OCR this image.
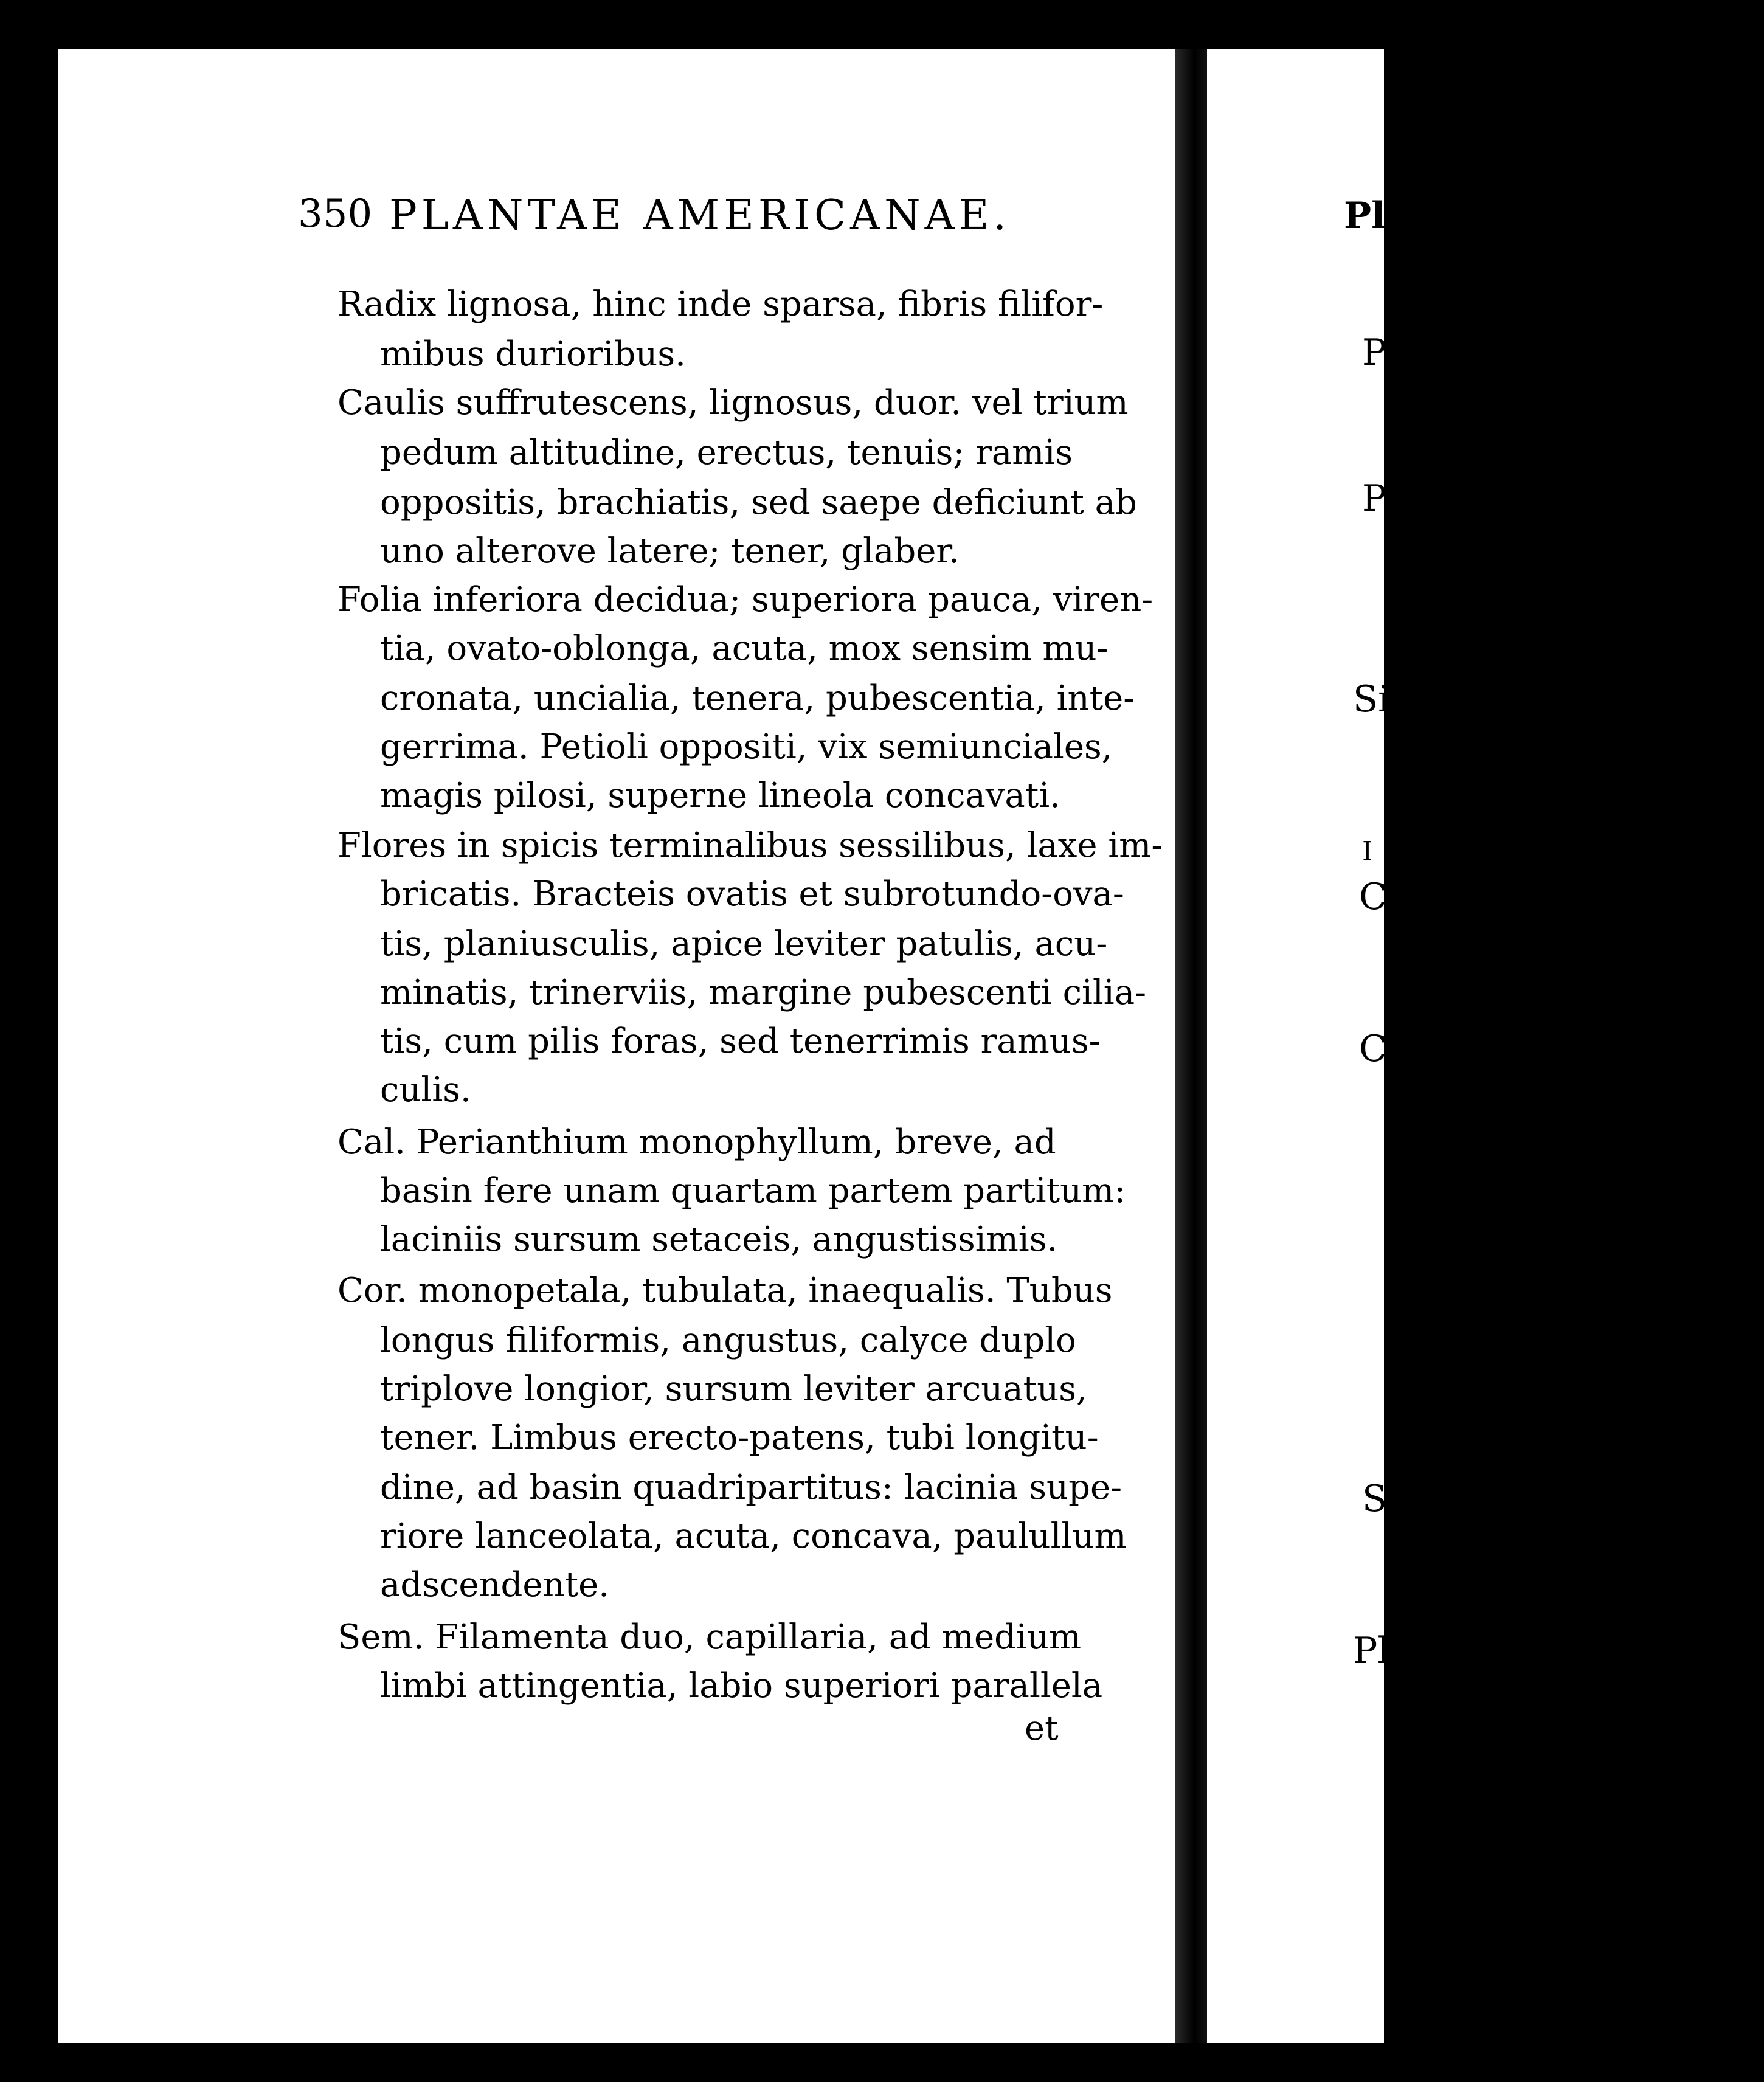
350 PLANTAE AMERICANAE.
Radix lignosa, hinc inde sparsa, fibris filifor-
mibus durioribus.
Caulis suffrutescens, lignosus, duor. vel trium
pedum altitudine, erectus, tenuis; ramis
oppositis, brachiatis, sed saepe deficiunt ab
uno alterove latere; tener, glaber.
Folia inferiora decidua; superiora pauca, viren-
tia, ovato-oblonga, acuta, mox sensim mu-
cronata, uncialia, tenera, pubescentia, inte-
gerrima. Petioli oppositi, vix semiunciales,
magis pilosi, superne lineola concavati.
Flores in spicis terminalibus sessilibus, laxe im-
bricatis. Bracteis ovatis et subrotundo-ova-
tis, planiusculis, apice leviter patulis, acu-
minatis, trinerviis, margine pubescenti ciliа-
tis, cum pilis foras, sed tenerrimis ramus-
culis.
Cal. Perianthium monophyllum, breve, ad
basin fere unam quartam partem partitum:
laciniis sursum setaceis, angustissimis.
Cor. monopetala, tubulata, inaequalis. Tubus
longus filiformis, angustus, calyce duplo
triplove longior, sursum leviter arcuatus,
tener. Limbus erecto-patens, tubi longitu-
dine, ad basin quadripartitus: lacinia supe-
riore lanceolata, acuta, concava, paulullum
adscendente.
Sem. Filamenta duo, capillaria, ad medium
limbi attingentia, labio superiori parallela
et
Pl
P
P
Si
I
C
C
S
Pl
